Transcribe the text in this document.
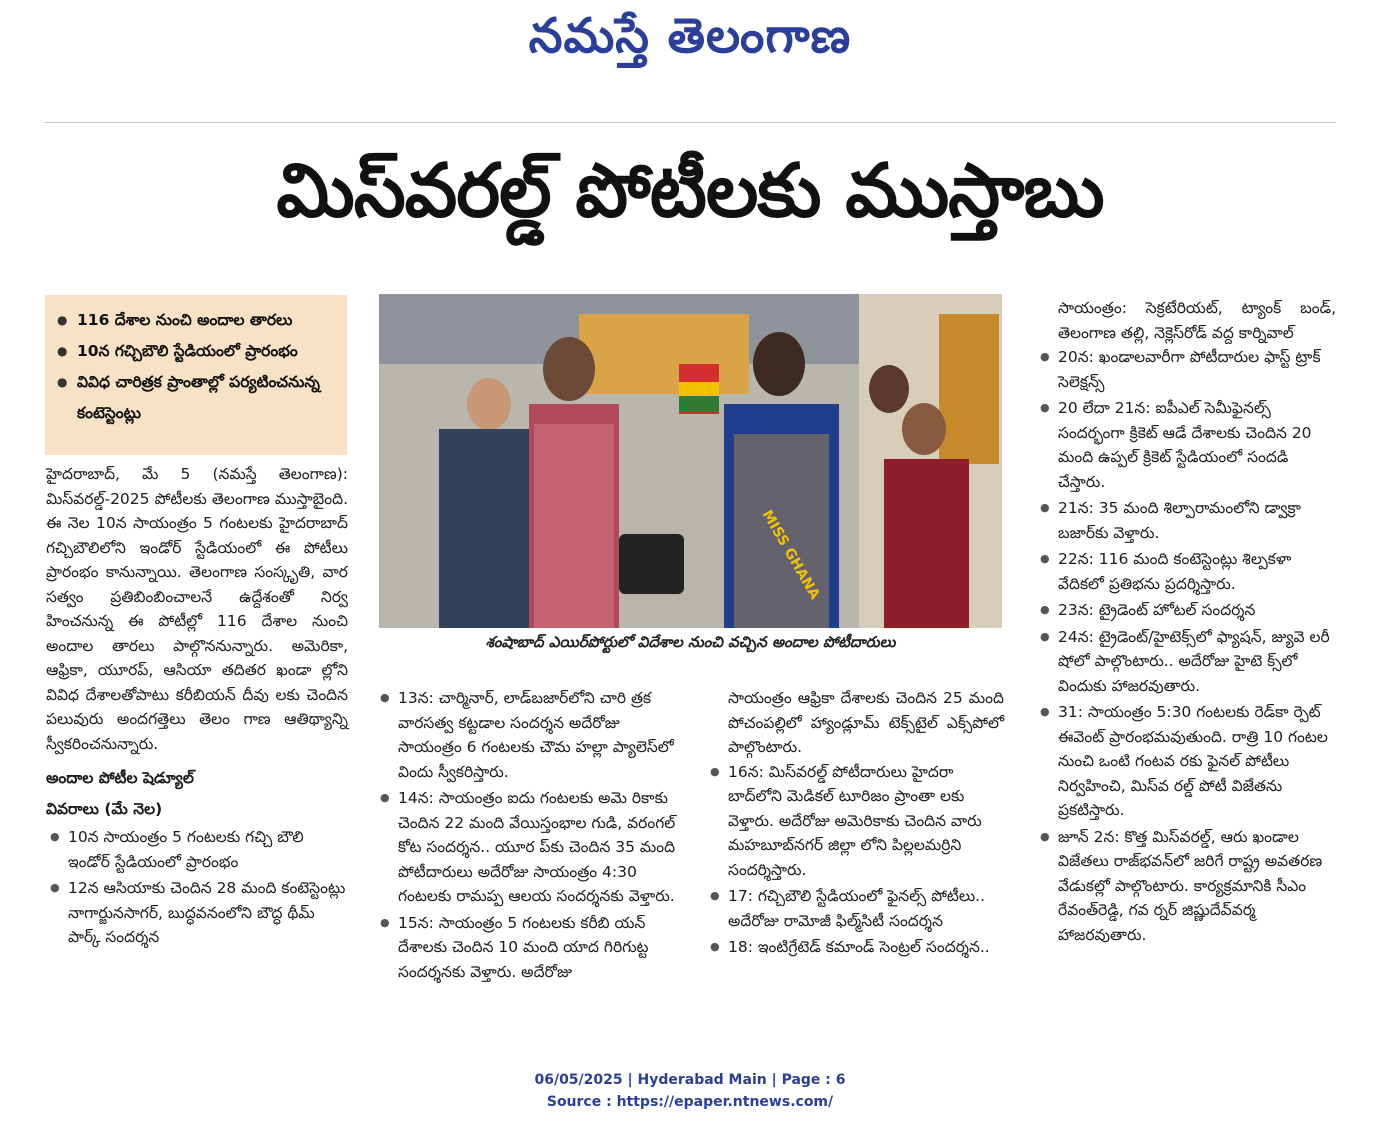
నమస్తే తెలంగాణ
మిస్‌వరల్డ్‌ పోటీలకు ముస్తాబు
● 116 దేశాల నుంచి అందాల తారలు
● 10న గచ్చిబౌలి స్టేడియంలో ప్రారంభం
● వివిధ చారిత్రక ప్రాంతాల్లో పర్యటించనున్న కంటెస్టెంట్లు
MISS GHANA
శంషాబాద్‌ ఎయిర్‌పోర్టులో విదేశాల నుంచి వచ్చిన అందాల పోటీదారులు

హైదరాబాద్‌, మే 5 (నమస్తే తెలంగాణ): మిస్‌వరల్డ్‌-2025 పోటీలకు తెలంగాణ ముస్తాబైంది. ఈ నెల 10న సాయంత్రం 5 గంటలకు హైదరాబాద్‌ గచ్చిబౌలిలోని ఇండోర్‌ స్టేడియంలో ఈ పోటీలు ప్రారంభం కానున్నాయి. తెలంగాణ సంస్కృతి, వార సత్వం ప్రతిబింబించాలనే ఉద్దేశంతో నిర్వ హించనున్న ఈ పోటీల్లో 116 దేశాల నుంచి అందాల తారలు పాల్గొననున్నారు. అమెరికా, ఆఫ్రికా, యూరప్‌, ఆసియా తదితర ఖండా ల్లోని వివిధ దేశాలతోపాటు కరీబియన్‌ దీవు లకు చెందిన పలువురు అందగత్తెలు తెలం గాణ ఆతిథ్యాన్ని స్వీకరించనున్నారు.

అందాల పోటీల షెడ్యూల్‌
వివరాలు (మే నెల)
● 10న సాయంత్రం 5 గంటలకు గచ్చి బౌలి ఇండోర్‌ స్టేడియంలో ప్రారంభం
● 12న ఆసియాకు చెందిన 28 మంది కంటెస్టెంట్లు నాగార్జునసాగర్‌, బుద్ధవనంలోని బౌద్ధ థీమ్‌ పార్క్‌ సందర్శన
● 13న: చార్మినార్‌, లాడ్‌బజార్‌లోని చారి త్రక వారసత్వ కట్టడాల సందర్శన అదేరోజు సాయంత్రం 6 గంటలకు చౌమ హల్లా ప్యాలెస్‌లో విందు స్వీకరిస్తారు.
● 14న: సాయంత్రం ఐదు గంటలకు అమె రికాకు చెందిన 22 మంది వేయిస్తంభాల గుడి, వరంగల్‌ కోట సందర్శన.. యూర ప్‌కు చెందిన 35 మంది పోటీదారులు అదేరోజు సాయంత్రం 4:30 గంటలకు రామప్ప ఆలయ సందర్శనకు వెళ్తారు.
● 15న: సాయంత్రం 5 గంటలకు కరీబి యన్‌ దేశాలకు చెందిన 10 మంది యాద గిరిగుట్ట సందర్శనకు వెళ్తారు. అదేరోజు

సాయంత్రం ఆఫ్రికా దేశాలకు చెందిన 25 మంది పోచంపల్లిలో హ్యాండ్లూమ్‌ టెక్స్‌టైల్‌ ఎక్స్‌పోలో పాల్గొంటారు.

● 16న: మిస్‌వరల్డ్‌ పోటీదారులు హైదరా బాద్‌లోని మెడికల్‌ టూరిజం ప్రాంతా లకు వెళ్తారు. అదేరోజు అమెరికాకు చెందిన వారు మహబూబ్‌నగర్‌ జిల్లా లోని పిల్లలమర్రిని సందర్శిస్తారు.
● 17: గచ్చిబౌలి స్టేడియంలో ఫైనల్స్‌ పోటీలు.. అదేరోజు రామోజీ ఫిల్మ్‌సిటీ సందర్శన
● 18: ఇంటిగ్రేటెడ్‌ కమాండ్‌ సెంట్రల్‌ సందర్శన..

సాయంత్రం: సెక్రటేరియట్‌, ట్యాంక్‌ బండ్‌, తెలంగాణ తల్లి, నెక్లెస్‌రోడ్‌ వద్ద కార్నివాల్‌

● 20న: ఖండాలవారీగా పోటీదారుల ఫాస్ట్‌ ట్రాక్‌ సెలెక్షన్స్‌
● 20 లేదా 21న: ఐపీఎల్‌ సెమీఫైనల్స్‌ సందర్భంగా క్రికెట్‌ ఆడే దేశాలకు చెందిన 20 మంది ఉప్పల్‌ క్రికెట్‌ స్టేడియంలో సందడి చేస్తారు.
● 21న: 35 మంది శిల్పారామంలోని డ్వాక్రా బజార్‌కు వెళ్తారు.
● 22న: 116 మంది కంటెస్టెంట్లు శిల్పకళా వేదికలో ప్రతిభను ప్రదర్శిస్తారు.
● 23న: ట్రైడెంట్‌ హోటల్‌ సందర్శన
● 24న: ట్రైడెంట్‌/హైటెక్స్‌లో ఫ్యాషన్‌, జ్యువె లరీ షోలో పాల్గొంటారు.. అదేరోజు హైటె క్స్‌లో విందుకు హాజరవుతారు.
● 31: సాయంత్రం 5:30 గంటలకు రెడ్‌కా ర్పెట్‌ ఈవెంట్‌ ప్రారంభమవుతుంది. రాత్రి 10 గంటల నుంచి ఒంటి గంటవ రకు ఫైనల్‌ పోటీలు నిర్వహించి, మిస్‌వ రల్డ్‌ పోటీ విజేతను ప్రకటిస్తారు.
● జూన్‌ 2న: కొత్త మిస్‌వరల్డ్‌, ఆరు ఖండాల విజేతలు రాజ్‌భవన్‌లో జరిగే రాష్ట్ర అవతరణ వేడుకల్లో పాల్గొంటారు. కార్యక్రమానికి సీఎం రేవంత్‌రెడ్డి, గవ ర్నర్‌ జిష్ణుదేవ్‌వర్మ హాజరవుతారు.
06/05/2025 | Hyderabad Main | Page : 6
Source : https://epaper.ntnews.com/
